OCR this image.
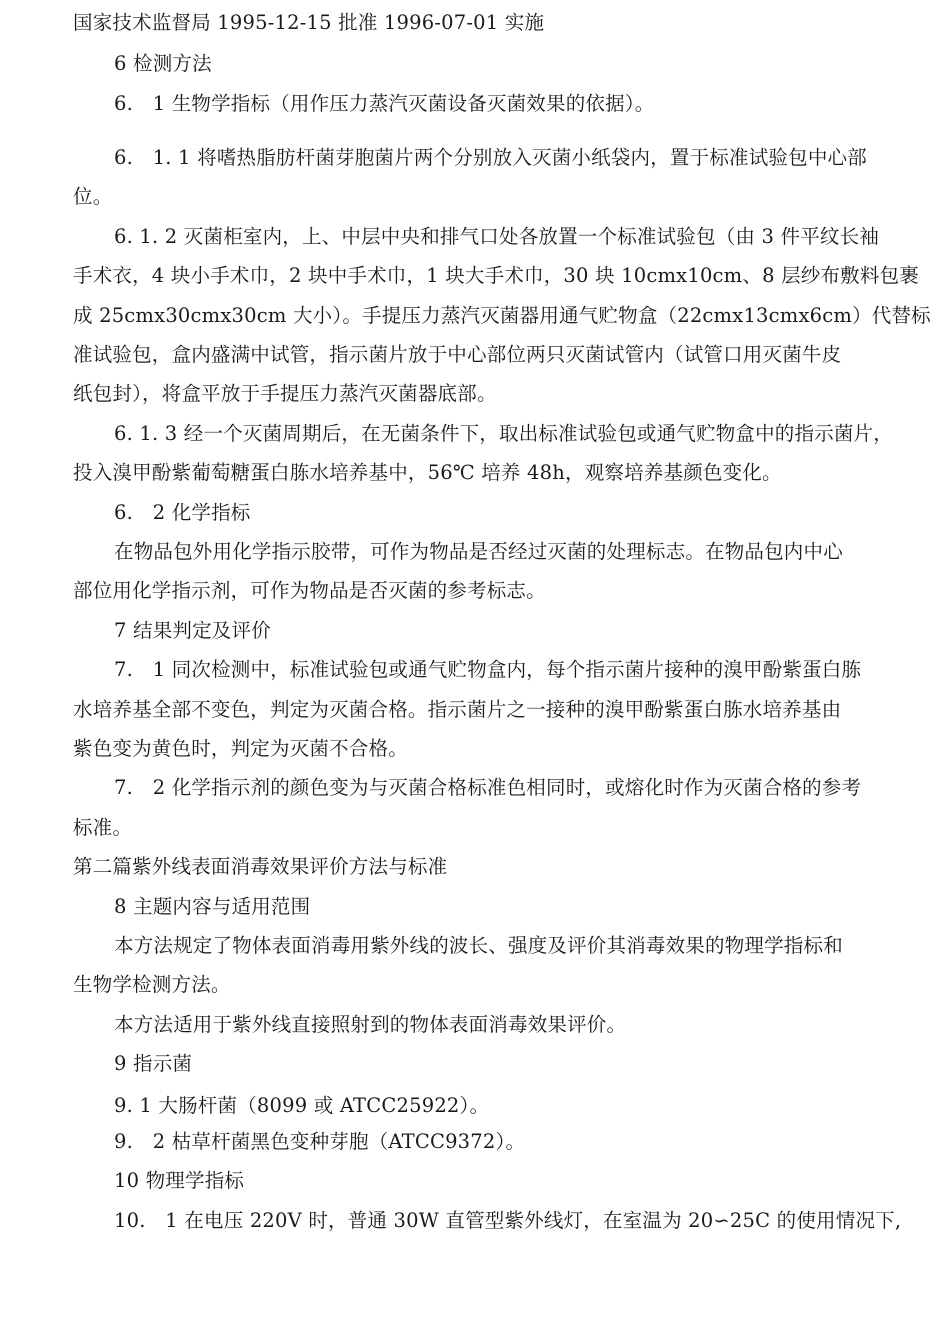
国家技术监督局 1995-12-15 批准 1996-07-01 实施
6 检测方法
6.　1 生物学指标（用作压力蒸汽灭菌设备灭菌效果的依据）。
6.　1. 1 将嗜热脂肪杆菌芽胞菌片两个分别放入灭菌小纸袋内，置于标准试验包中心部
位。
6. 1. 2 灭菌柜室内，上、中层中央和排气口处各放置一个标准试验包（由 3 件平纹长袖
手术衣，4 块小手术巾，2 块中手术巾，1 块大手术巾，30 块 10cmx10cm、8 层纱布敷料包裹
成 25cmx30cmx30cm 大小）。手提压力蒸汽灭菌器用通气贮物盒（22cmx13cmx6cm）代替标
准试验包，盒内盛满中试管，指示菌片放于中心部位两只灭菌试管内（试管口用灭菌牛皮
纸包封），将盒平放于手提压力蒸汽灭菌器底部。
6. 1. 3 经一个灭菌周期后，在无菌条件下，取出标准试验包或通气贮物盒中的指示菌片，
投入溴甲酚紫葡萄糖蛋白胨水培养基中，56℃ 培养 48h，观察培养基颜色变化。
6.　2 化学指标
在物品包外用化学指示胶带，可作为物品是否经过灭菌的处理标志。在物品包内中心
部位用化学指示剂，可作为物品是否灭菌的参考标志。
7 结果判定及评价
7.　1 同次检测中，标准试验包或通气贮物盒内，每个指示菌片接种的溴甲酚紫蛋白胨
水培养基全部不变色，判定为灭菌合格。指示菌片之一接种的溴甲酚紫蛋白胨水培养基由
紫色变为黄色时，判定为灭菌不合格。
7.　2 化学指示剂的颜色变为与灭菌合格标准色相同时，或熔化时作为灭菌合格的参考
标准。
第二篇紫外线表面消毒效果评价方法与标准
8 主题内容与适用范围
本方法规定了物体表面消毒用紫外线的波长、强度及评价其消毒效果的物理学指标和
生物学检测方法。
本方法适用于紫外线直接照射到的物体表面消毒效果评价。
9 指示菌
9. 1 大肠杆菌（8099 或 ATCC25922）。
9.　2 枯草杆菌黑色变种芽胞（ATCC9372）。
10 物理学指标
10.　1 在电压 220V 时，普通 30W 直管型紫外线灯，在室温为 20∽25C 的使用情况下,
